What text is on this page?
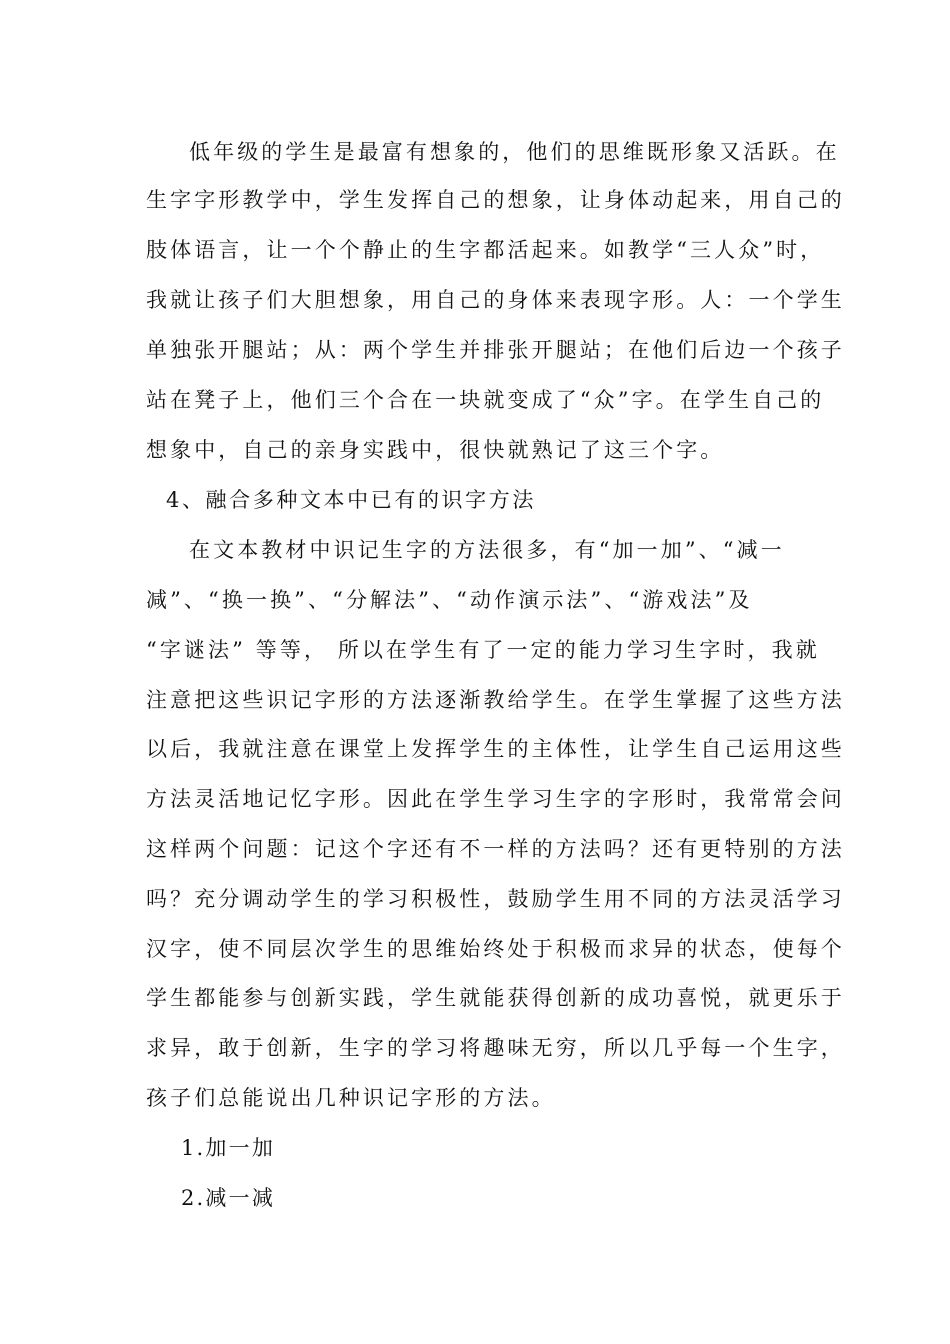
低年级的学生是最富有想象的，他们的思维既形象又活跃。在
生字字形教学中，学生发挥自己的想象，让身体动起来，用自己的
肢体语言，让一个个静止的生字都活起来。如教学“三人众”时，
我就让孩子们大胆想象，用自己的身体来表现字形。人：一个学生
单独张开腿站；从：两个学生并排张开腿站；在他们后边一个孩子
站在凳子上，他们三个合在一块就变成了“众”字。在学生自己的
想象中，自己的亲身实践中，很快就熟记了这三个字。
4、融合多种文本中已有的识字方法
在文本教材中识记生字的方法很多，有“加一加”、“减一
减”、“换一换”、“分解法”、“动作演示法”、“游戏法”及
“字谜法” 等等， 所以在学生有了一定的能力学习生字时，我就
注意把这些识记字形的方法逐渐教给学生。在学生掌握了这些方法
以后，我就注意在课堂上发挥学生的主体性，让学生自己运用这些
方法灵活地记忆字形。因此在学生学习生字的字形时，我常常会问
这样两个问题：记这个字还有不一样的方法吗？还有更特别的方法
吗？充分调动学生的学习积极性，鼓励学生用不同的方法灵活学习
汉字，使不同层次学生的思维始终处于积极而求异的状态，使每个
学生都能参与创新实践，学生就能获得创新的成功喜悦，就更乐于
求异，敢于创新，生字的学习将趣味无穷，所以几乎每一个生字，
孩子们总能说出几种识记字形的方法。
1.加一加
2.减一减
